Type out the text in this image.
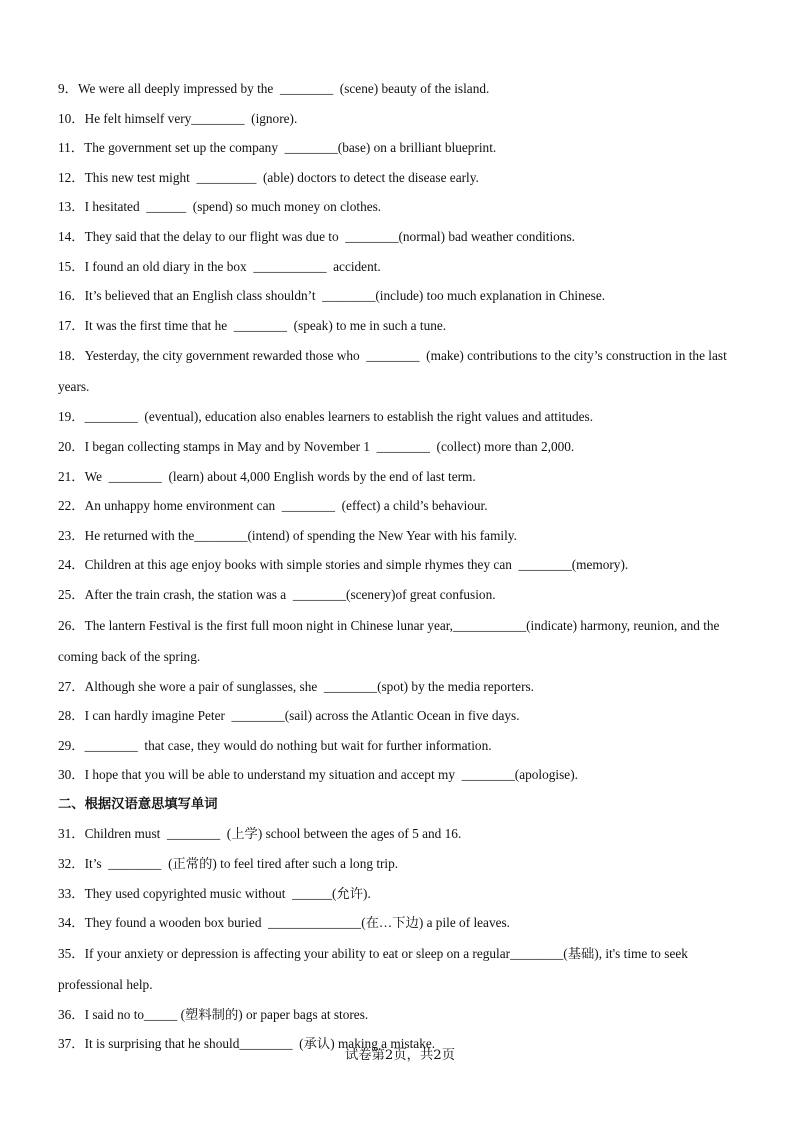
9．We were all deeply impressed by the  ________  (scene) beauty of the island.
10．He felt himself very________  (ignore).
11．The government set up the company  ________(base) on a brilliant blueprint.
12．This new test might  _________  (able) doctors to detect the disease early.
13．I hesitated  ______  (spend) so much money on clothes.
14．They said that the delay to our flight was due to  ________(normal) bad weather conditions.
15．I found an old diary in the box  ___________  accident.
16．It’s believed that an English class shouldn’t  ________(include) too much explanation in Chinese.
17．It was the first time that he  ________  (speak) to me in such a tune.
18．Yesterday, the city government rewarded those who  ________  (make) contributions to the city’s construction in the last years.
19．________  (eventual), education also enables learners to establish the right values and attitudes.
20．I began collecting stamps in May and by November 1  ________  (collect) more than 2,000.
21．We  ________  (learn) about 4,000 English words by the end of last term.
22．An unhappy home environment can  ________  (effect) a child’s behaviour.
23．He returned with the________(intend) of spending the New Year with his family.
24．Children at this age enjoy books with simple stories and simple rhymes they can  ________(memory).
25．After the train crash, the station was a  ________(scenery)of great confusion.
26．The lantern Festival is the first full moon night in Chinese lunar year,___________(indicate) harmony, reunion, and the coming back of the spring.
27．Although she wore a pair of sunglasses, she  ________(spot) by the media reporters.
28．I can hardly imagine Peter  ________(sail) across the Atlantic Ocean in five days.
29．________  that case, they would do nothing but wait for further information.
30．I hope that you will be able to understand my situation and accept my  ________(apologise).
二、根据汉语意思填写单词
31．Children must  ________  (上学) school between the ages of 5 and 16.
32．It’s  ________  (正常的) to feel tired after such a long trip.
33．They used copyrighted music without  ______(允许).
34．They found a wooden box buried  ______________(在…下边) a pile of leaves.
35．If your anxiety or depression is affecting your ability to eat or sleep on a regular________(基础), it's time to seek professional help.
36．I said no to_____ (塑料制的) or paper bags at stores.
37．It is surprising that he should________  (承认) making a mistake.
试卷第2页，共2页
